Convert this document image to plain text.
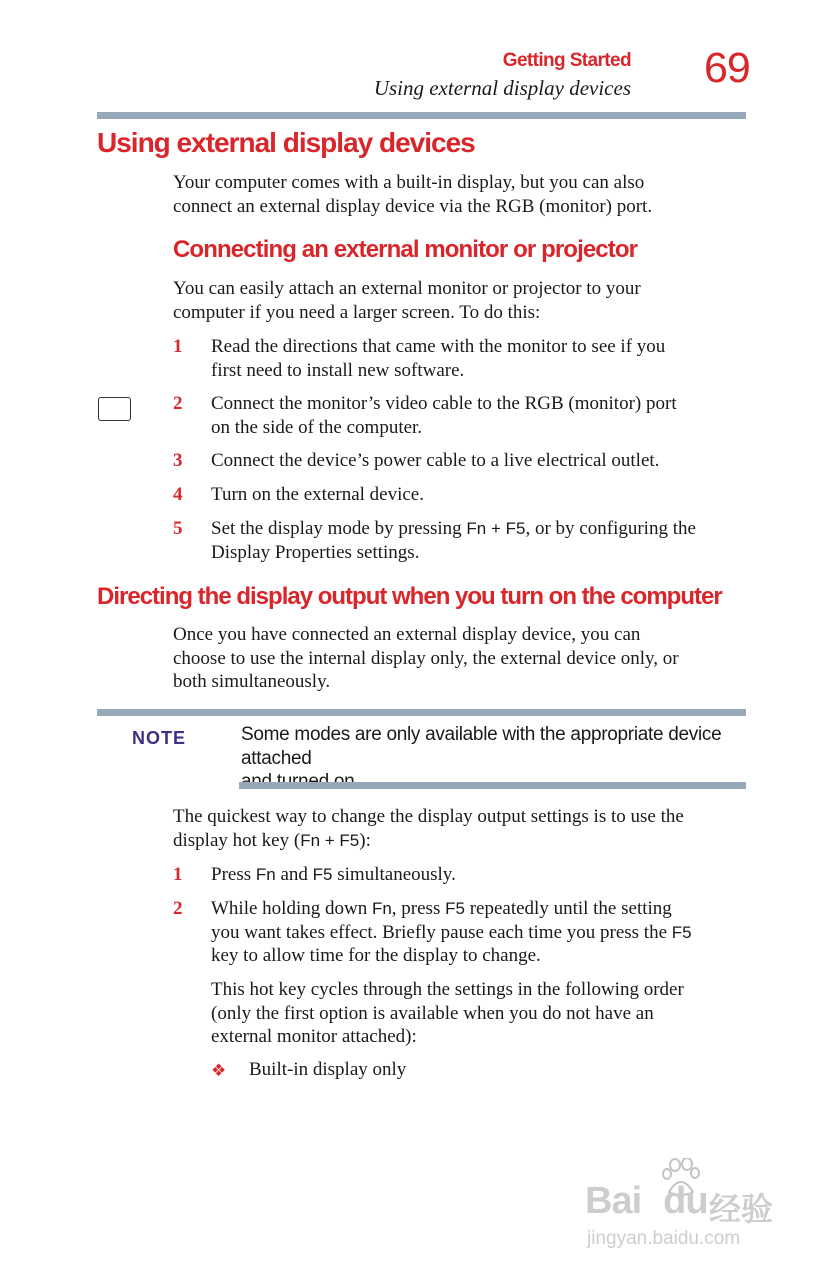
Getting Started
Using external display devices 69
Using external display devices

Your computer comes with a built-in display, but you can also

connect an external display device via the RGB (monitor) port.

Connecting an external monitor or projector

You can easily attach an external monitor or projector to your

computer if you need a larger screen. To do this:

1 Read the directions that came with the monitor to see if you
first need to install new software.
2 Connect the monitor’s video cable to the RGB (monitor) port
on the side of the computer.
3 Connect the device’s power cable to a live electrical outlet.
4 Turn on the external device.
5 Set the display mode by pressing Fn + F5, or by configuring the
Display Properties settings.
Directing the display output when you turn on the computer

Once you have connected an external display device, you can

choose to use the internal display only, the external device only, or

both simultaneously.

NOTE	Some modes are only available with the appropriate device attached

The quickest way to change the display output settings is to use the

display hot key (Fn + F5):

1 Press Fn and F5 simultaneously.
2 While holding down Fn, press F5 repeatedly until the setting
you want takes effect. Briefly pause each time you press the F5
key to allow time for the display to change.

This hot key cycles through the settings in the following order

(only the first option is available when you do not have an

external monitor attached):

❖ Built-in display only
Bai du 经验
jingyan.baidu.com
